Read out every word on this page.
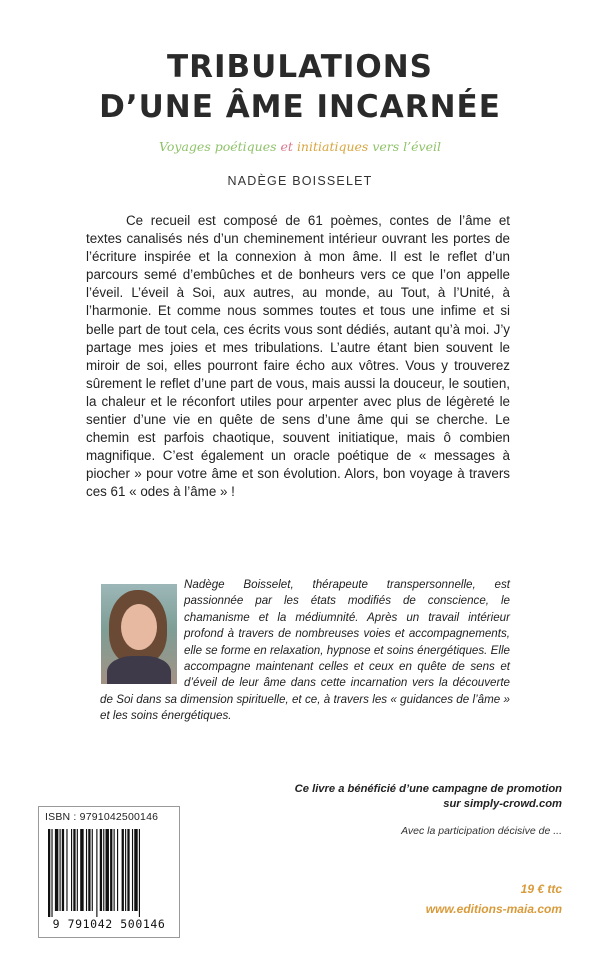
TRIBULATIONS
D’UNE ÂME INCARNÉE
Voyages poétiques et initiatiques vers l’éveil
NADÈGE BOISSELET

Ce recueil est composé de 61 poèmes, contes de l’âme et textes canalisés nés d’un cheminement intérieur ouvrant les portes de l’écriture inspirée et la connexion à mon âme. Il est le reflet d’un parcours semé d’embûches et de bonheurs vers ce que l’on appelle l’éveil. L’éveil à Soi, aux autres, au monde, au Tout, à l’Unité, à l’harmonie. Et comme nous sommes toutes et tous une infime et si belle part de tout cela, ces écrits vous sont dédiés, autant qu’à moi. J’y partage mes joies et mes tribulations. L’autre étant bien souvent le miroir de soi, elles pourront faire écho aux vôtres. Vous y trouverez sûrement le reflet d’une part de vous, mais aussi la douceur, le soutien, la chaleur et le réconfort utiles pour arpenter avec plus de légèreté le sentier d’une vie en quête de sens d’une âme qui se cherche. Le chemin est parfois chaotique, souvent initiatique, mais ô combien magnifique. C’est également un oracle poétique de « messages à piocher » pour votre âme et son évolution. Alors, bon voyage à travers ces 61 « odes à l’âme » !

Nadège Boisselet, thérapeute transpersonnelle, est passionnée par les états modifiés de conscience, le chamanisme et la médiumnité. Après un travail intérieur profond à travers de nombreuses voies et accompagnements, elle se forme en relaxation, hypnose et soins énergétiques. Elle accompagne maintenant celles et ceux en quête de sens et d’éveil de leur âme dans cette incarnation vers la découverte de Soi dans sa dimension spirituelle, et ce, à travers les « guidances de l’âme » et les soins énergétiques.

Ce livre a bénéficié d’une campagne de promotion
sur simply-crowd.com
Avec la participation décisive de ...
ISBN : 9791042500146
9 791042 500146
19 € ttc
www.editions-maia.com
